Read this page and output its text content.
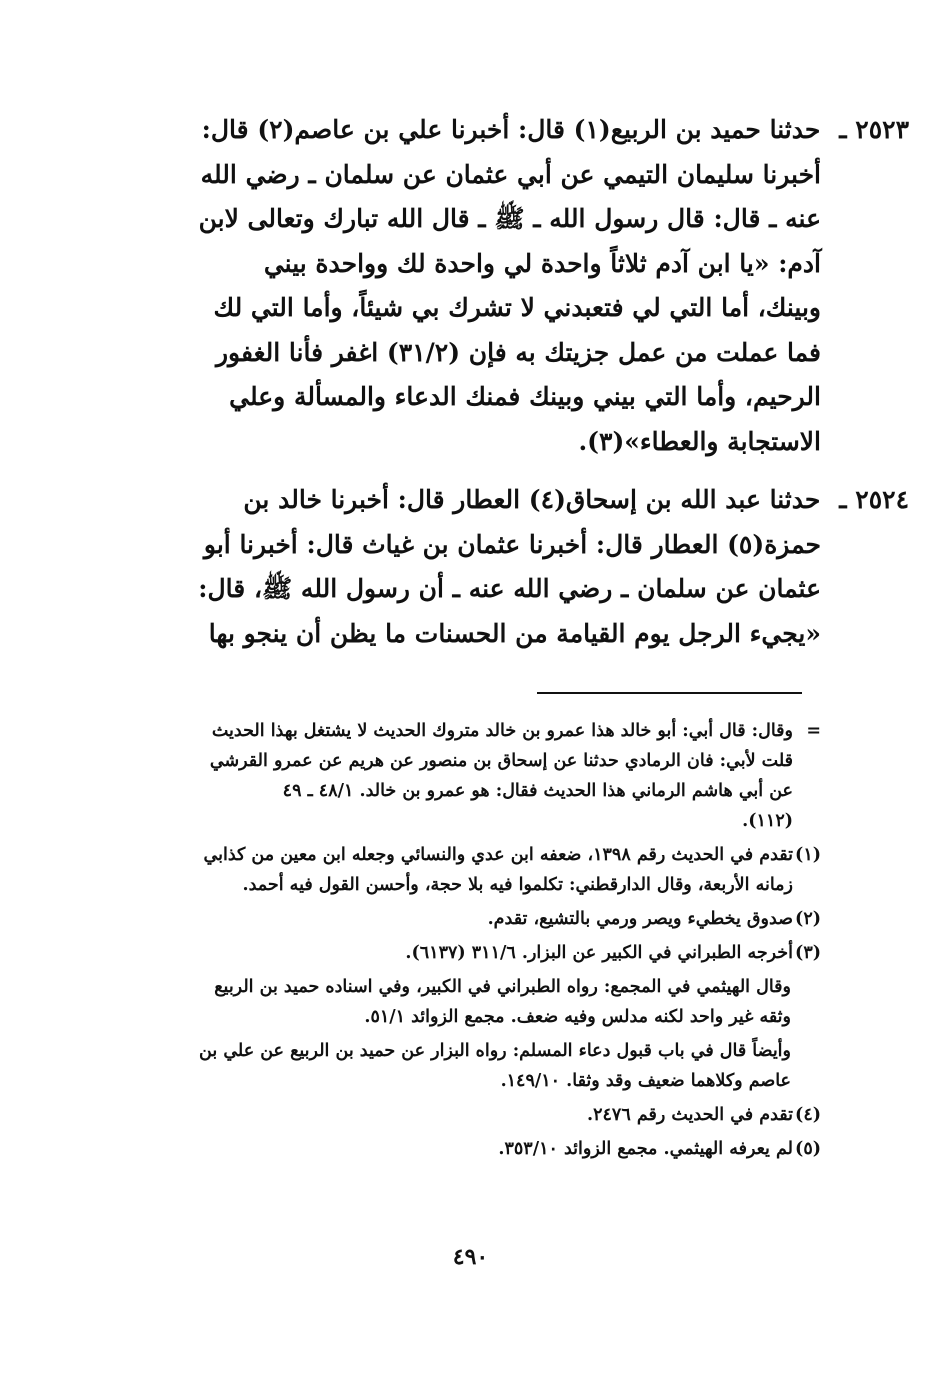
٢٥٢٣ ـ حدثنا حميد بن الربيع(١) قال: أخبرنا علي بن عاصم(٢) قال:
أخبرنا سليمان التيمي عن أبي عثمان عن سلمان ـ رضي الله
عنه ـ قال: قال رسول الله ـ ﷺ ـ قال الله تبارك وتعالى لابن
آدم: «يا ابن آدم ثلاثاً واحدة لي واحدة لك وواحدة بيني
وبينك، أما التي لي فتعبدني لا تشرك بي شيئاً، وأما التي لك
فما عملت من عمل جزيتك به فإن (٣١/٢) اغفر فأنا الغفور
الرحيم، وأما التي بيني وبينك فمنك الدعاء والمسألة وعلي
الاستجابة والعطاء»(٣).
٢٥٢٤ ـ حدثنا عبد الله بن إسحاق(٤) العطار قال: أخبرنا خالد بن
حمزة(٥) العطار قال: أخبرنا عثمان بن غياث قال: أخبرنا أبو
عثمان عن سلمان ـ رضي الله عنه ـ أن رسول الله ﷺ، قال:
«يجيء الرجل يوم القيامة من الحسنات ما يظن أن ينجو بها
=
وقال: قال أبي: أبو خالد هذا عمرو بن خالد متروك الحديث لا يشتغل بهذا الحديث
قلت لأبي: فان الرمادي حدثنا عن إسحاق بن منصور عن هريم عن عمرو القرشي
عن أبي هاشم الرماني هذا الحديث فقال: هو عمرو بن خالد. ٤٨/١ ـ ٤٩
(١١٢).
(١)
تقدم في الحديث رقم ١٣٩٨، ضعفه ابن عدي والنسائي وجعله ابن معين من كذابي
زمانه الأربعة، وقال الدارقطني: تكلموا فيه بلا حجة، وأحسن القول فيه أحمد.
(٢)
صدوق يخطيء ويصر ورمي بالتشيع، تقدم.
(٣)
أخرجه الطبراني في الكبير عن البزار. ٣١١/٦ (٦١٣٧).
وقال الهيثمي في المجمع: رواه الطبراني في الكبير، وفي اسناده حميد بن الربيع
وثقه غير واحد لكنه مدلس وفيه ضعف. مجمع الزوائد ٥١/١.
وأيضاً قال في باب قبول دعاء المسلم: رواه البزار عن حميد بن الربيع عن علي بن
عاصم وكلاهما ضعيف وقد وثقا. ١٤٩/١٠.
(٤)
تقدم في الحديث رقم ٢٤٧٦.
(٥)
لم يعرفه الهيثمي. مجمع الزوائد ٣٥٣/١٠.
٤٩٠
